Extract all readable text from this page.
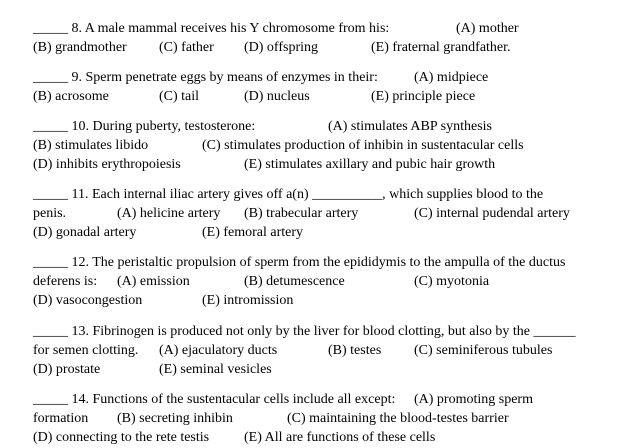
_____ 8. A male mammal receives his Y chromosome from his:	(A) mother
(B) grandmother (C) father (D) offspring	(E) fraternal grandfather.
_____ 9. Sperm penetrate eggs by means of enzymes in their:	(A) midpiece
(B) acrosome	(C) tail	(D) nucleus	(E) principle piece
_____ 10. During puberty, testosterone:	(A) stimulates ABP synthesis
(B) stimulates libido	(C) stimulates production of inhibin in sustentacular cells
(D) inhibits erythropoiesis	(E) stimulates axillary and pubic hair growth
_____ 11. Each internal iliac artery gives off a(n) __________, which supplies blood to the
penis.	(A) helicine artery (B) trabecular artery	(C) internal pudendal artery
(D) gonadal artery	(E) femoral artery
_____ 12. The peristaltic propulsion of sperm from the epididymis to the ampulla of the ductus
deferens is: (A) emission	(B) detumescence	(C) myotonia
(D) vasocongestion	(E) intromission
_____ 13. Fibrinogen is produced not only by the liver for blood clotting, but also by the ______
for semen clotting. (A) ejaculatory ducts	(B) testes (C) seminiferous tubules
(D) prostate	(E) seminal vesicles
_____ 14. Functions of the sustentacular cells include all except: (A) promoting sperm
formation (B) secreting inhibin	(C) maintaining the blood-testes barrier
(D) connecting to the rete testis (E) All are functions of these cells
